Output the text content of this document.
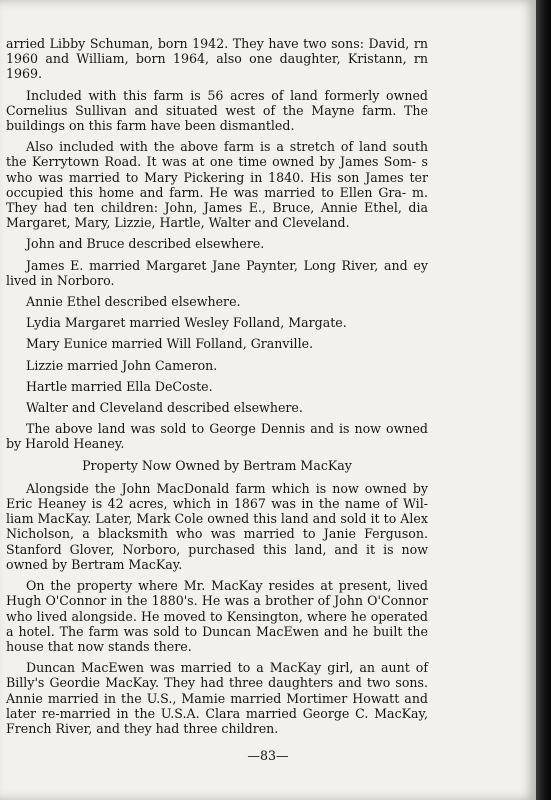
arried Libby Schuman, born 1942. They have two sons: David, rn 1960 and William, born 1964, also one daughter, Kristann, rn 1969.

Included with this farm is 56 acres of land formerly owned Cornelius Sullivan and situated west of the Mayne farm. The buildings on this farm have been dismantled.

Also included with the above farm is a stretch of land south the Kerrytown Road. It was at one time owned by James Som- s who was married to Mary Pickering in 1840. His son James ter occupied this home and farm. He was married to Ellen Gra- m. They had ten children: John, James E., Bruce, Annie Ethel, dia Margaret, Mary, Lizzie, Hartle, Walter and Cleveland.

John and Bruce described elsewhere.

James E. married Margaret Jane Paynter, Long River, and ey lived in Norboro.

Annie Ethel described elsewhere.

Lydia Margaret married Wesley Folland, Margate.

Mary Eunice married Will Folland, Granville.

Lizzie married John Cameron.

Hartle married Ella DeCoste.

Walter and Cleveland described elsewhere.

The above land was sold to George Dennis and is now owned by Harold Heaney.

Property Now Owned by Bertram MacKay

Alongside the John MacDonald farm which is now owned by Eric Heaney is 42 acres, which in 1867 was in the name of Wil- liam MacKay. Later, Mark Cole owned this land and sold it to Alex Nicholson, a blacksmith who was married to Janie Ferguson. Stanford Glover, Norboro, purchased this land, and it is now owned by Bertram MacKay.

On the property where Mr. MacKay resides at present, lived Hugh O'Connor in the 1880's. He was a brother of John O'Connor who lived alongside. He moved to Kensington, where he operated a hotel. The farm was sold to Duncan MacEwen and he built the house that now stands there.

Duncan MacEwen was married to a MacKay girl, an aunt of Billy's Geordie MacKay. They had three daughters and two sons. Annie married in the U.S., Mamie married Mortimer Howatt and later re-married in the U.S.A. Clara married George C. MacKay, French River, and they had three children.

—83—
